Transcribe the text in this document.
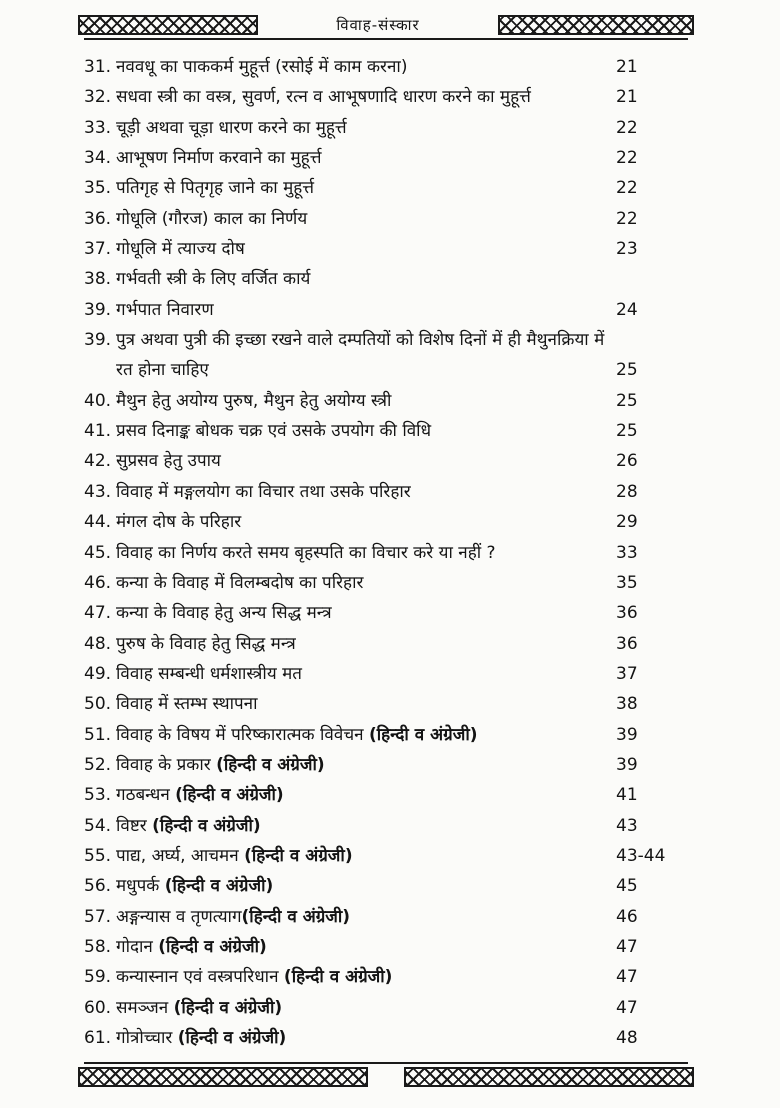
विवाह-संस्कार
31. नववधू का पाककर्म मुहूर्त्त (रसोई में काम करना)	21
32. सधवा स्त्री का वस्त्र, सुवर्ण, रत्न व आभूषणादि धारण करने का मुहूर्त्त	21
33. चूड़ी अथवा चूड़ा धारण करने का मुहूर्त्त	22
34. आभूषण निर्माण करवाने का मुहूर्त्त	22
35. पतिगृह से पितृगृह जाने का मुहूर्त्त	22
36. गोधूलि (गौरज) काल का निर्णय	22
37. गोधूलि में त्याज्य दोष	23
38. गर्भवती स्त्री के लिए वर्जित कार्य
39. गर्भपात निवारण	24
39. पुत्र अथवा पुत्री की इच्छा रखने वाले दम्पतियों को विशेष दिनों में ही मैथुनक्रिया में रत होना चाहिए	25
40. मैथुन हेतु अयोग्य पुरुष, मैथुन हेतु अयोग्य स्त्री	25
41. प्रसव दिनाङ्क बोधक चक्र एवं उसके उपयोग की विधि	25
42. सुप्रसव हेतु उपाय	26
43. विवाह में मङ्गलयोग का विचार तथा उसके परिहार	28
44. मंगल दोष के परिहार	29
45. विवाह का निर्णय करते समय बृहस्पति का विचार करे या नहीं ?	33
46. कन्या के विवाह में विलम्बदोष का परिहार	35
47. कन्या के विवाह हेतु अन्य सिद्ध मन्त्र	36
48. पुरुष के विवाह हेतु सिद्ध मन्त्र	36
49. विवाह सम्बन्धी धर्मशास्त्रीय मत	37
50. विवाह में स्तम्भ स्थापना	38
51. विवाह के विषय में परिष्कारात्मक विवेचन (हिन्दी व अंग्रेजी)	39
52. विवाह के प्रकार (हिन्दी व अंग्रेजी)	39
53. गठबन्धन (हिन्दी व अंग्रेजी)	41
54. विष्टर (हिन्दी व अंग्रेजी)	43
55. पाद्य, अर्घ्य, आचमन (हिन्दी व अंग्रेजी)	43-44
56. मधुपर्क (हिन्दी व अंग्रेजी)	45
57. अङ्गन्यास व तृणत्याग(हिन्दी व अंग्रेजी)	46
58. गोदान (हिन्दी व अंग्रेजी)	47
59. कन्यास्नान एवं वस्त्रपरिधान (हिन्दी व अंग्रेजी)	47
60. समञ्जन (हिन्दी व अंग्रेजी)	47
61. गोत्रोच्चार (हिन्दी व अंग्रेजी)	48
